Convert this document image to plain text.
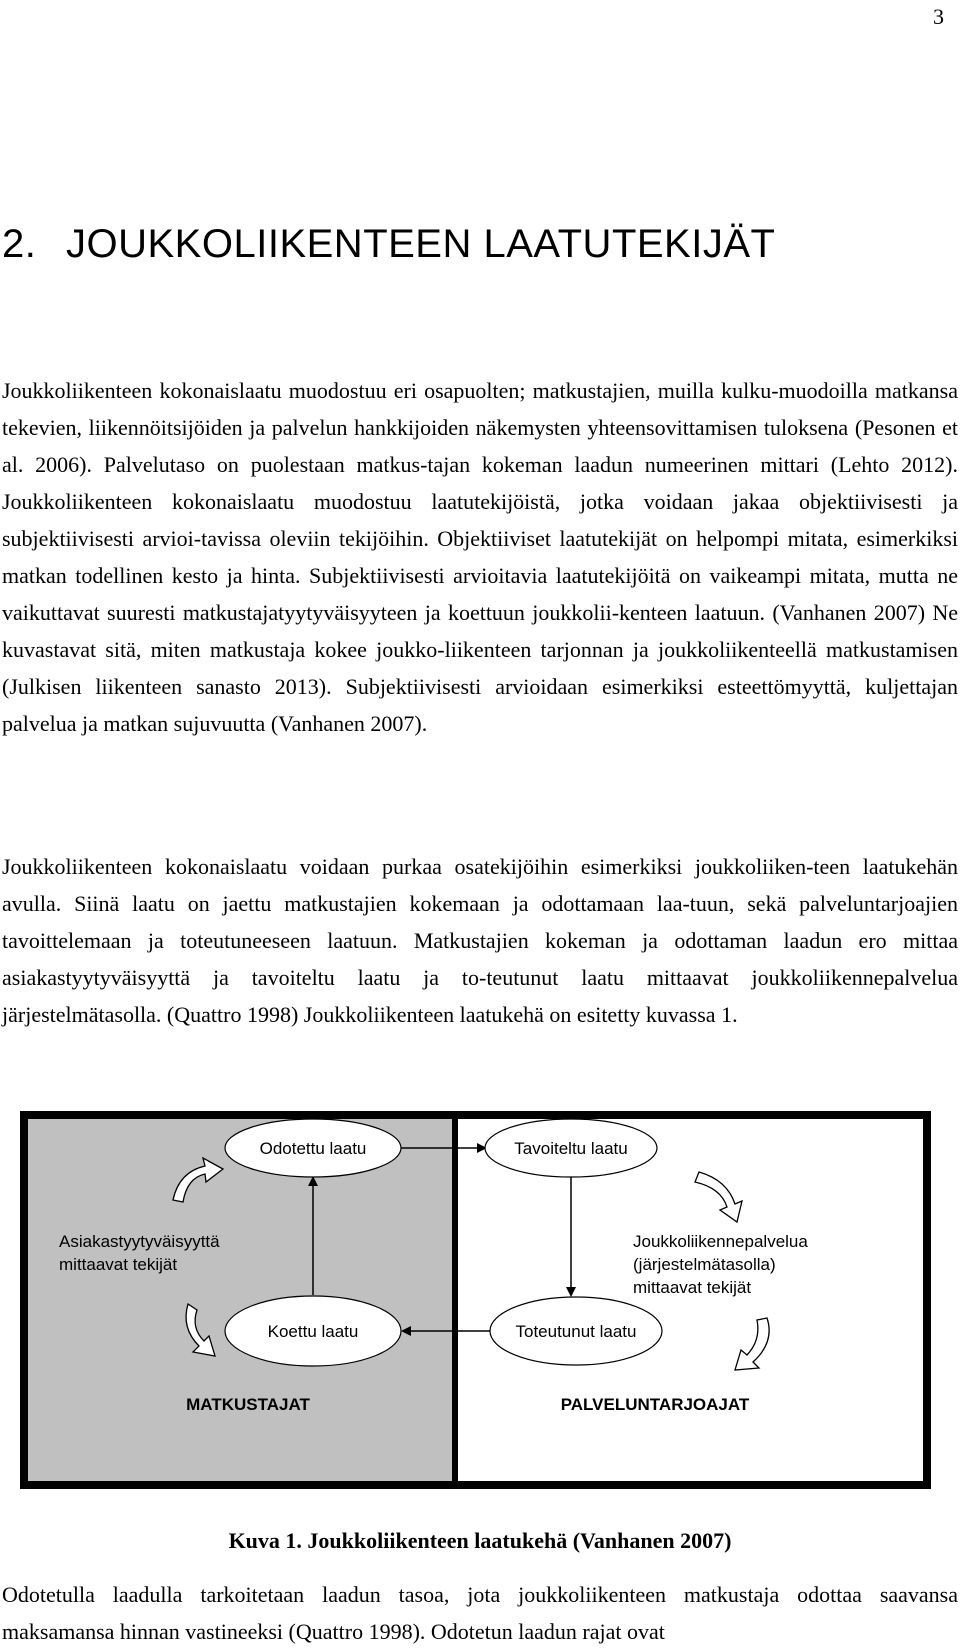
3
2. JOUKKOLIIKENTEEN LAATUTEKIJÄT

Joukkoliikenteen kokonaislaatu muodostuu eri osapuolten; matkustajien, muilla kulku-muodoilla matkansa tekevien, liikennöitsijöiden ja palvelun hankkijoiden näkemysten yhteensovittamisen tuloksena (Pesonen et al. 2006). Palvelutaso on puolestaan matkus-tajan kokeman laadun numeerinen mittari (Lehto 2012). Joukkoliikenteen kokonaislaatu muodostuu laatutekijöistä, jotka voidaan jakaa objektiivisesti ja subjektiivisesti arvioi-tavissa oleviin tekijöihin. Objektiiviset laatutekijät on helpompi mitata, esimerkiksi matkan todellinen kesto ja hinta. Subjektiivisesti arvioitavia laatutekijöitä on vaikeampi mitata, mutta ne vaikuttavat suuresti matkustajatyytyväisyyteen ja koettuun joukkolii-kenteen laatuun. (Vanhanen 2007) Ne kuvastavat sitä, miten matkustaja kokee joukko-liikenteen tarjonnan ja joukkoliikenteellä matkustamisen (Julkisen liikenteen sanasto 2013). Subjektiivisesti arvioidaan esimerkiksi esteettömyyttä, kuljettajan palvelua ja matkan sujuvuutta (Vanhanen 2007).

Joukkoliikenteen kokonaislaatu voidaan purkaa osatekijöihin esimerkiksi joukkoliiken-teen laatukehän avulla. Siinä laatu on jaettu matkustajien kokemaan ja odottamaan laa-tuun, sekä palveluntarjoajien tavoittelemaan ja toteutuneeseen laatuun. Matkustajien kokeman ja odottaman laadun ero mittaa asiakastyytyväisyyttä ja tavoiteltu laatu ja to-teutunut laatu mittaavat joukkoliikennepalvelua järjestelmätasolla. (Quattro 1998) Joukkoliikenteen laatukehä on esitetty kuvassa 1.

Odotettu laatu	Tavoiteltu laatu
Koettu laatu	Toteutunut laatu
Asiakastyytyväisyyttä
mittaavat tekijät
Joukkoliikennepalvelua
(järjestelmätasolla)
mittaavat tekijät
MATKUSTAJAT	PALVELUNTARJOAJAT

Kuva 1. Joukkoliikenteen laatukehä (Vanhanen 2007)

Odotetulla laadulla tarkoitetaan laadun tasoa, jota joukkoliikenteen matkustaja odottaa saavansa maksamansa hinnan vastineeksi (Quattro 1998). Odotetun laadun rajat ovat
